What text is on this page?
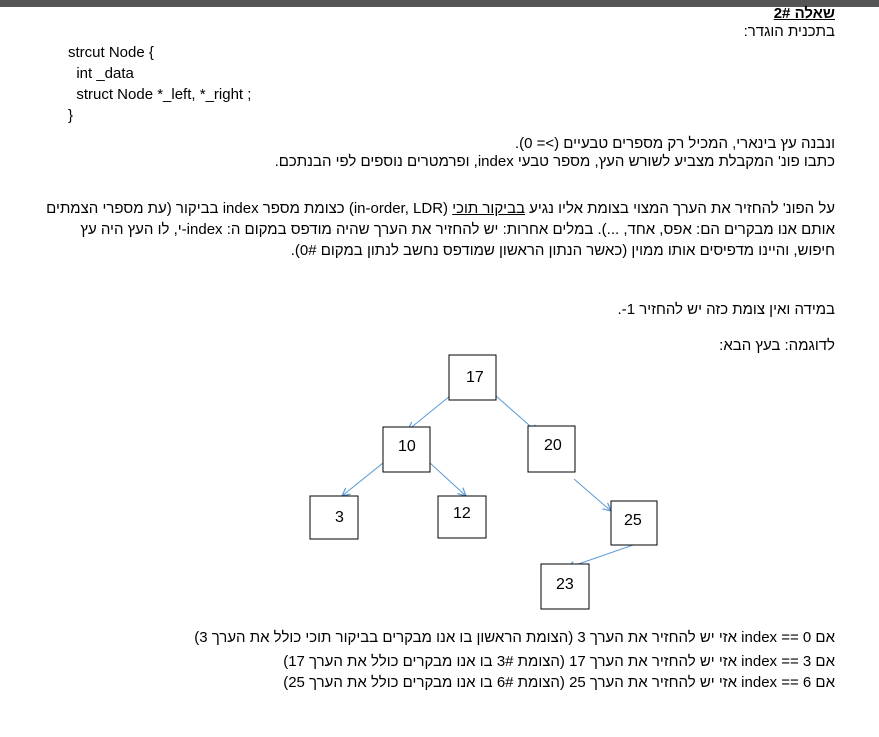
שאלה 2#
בתכנית הוגדר:
strcut Node {
int _data
struct Node *_left, *_right ;
}
ונבנה עץ בינארי, המכיל רק מספרים טבעיים (>= 0).
כתבו פונ' המקבלת מצביע לשורש העץ, מספר טבעי index, ופרמטרים נוספים לפי הבנתכם.
על הפונ' להחזיר את הערך המצוי בצומת אליו נגיע בביקור תוכי (in-order, LDR) כצומת מספר index בביקור (עת מספרי הצמתים אותם אנו מבקרים הם: אפס, אחד, ...). במלים אחרות: יש להחזיר את הערך שהיה מודפס במקום ה: index-י, לו העץ היה עץ חיפוש, והיינו מדפיסים אותו ממוין (כאשר הנתון הראשון שמודפס נחשב לנתון במקום 0#).
במידה ואין צומת כזה יש להחזיר 1-.
לדוגמה: בעץ הבא:
17
10	20
3	12	25
23
אם index == 0 אזי יש להחזיר את הערך 3 (הצומת הראשון בו אנו מבקרים בביקור תוכי כולל את הערך 3)
אם index == 3 אזי יש להחזיר את הערך 17 (הצומת 3# בו אנו מבקרים כולל את הערך 17)
אם index == 6 אזי יש להחזיר את הערך 25 (הצומת 6# בו אנו מבקרים כולל את הערך 25)
